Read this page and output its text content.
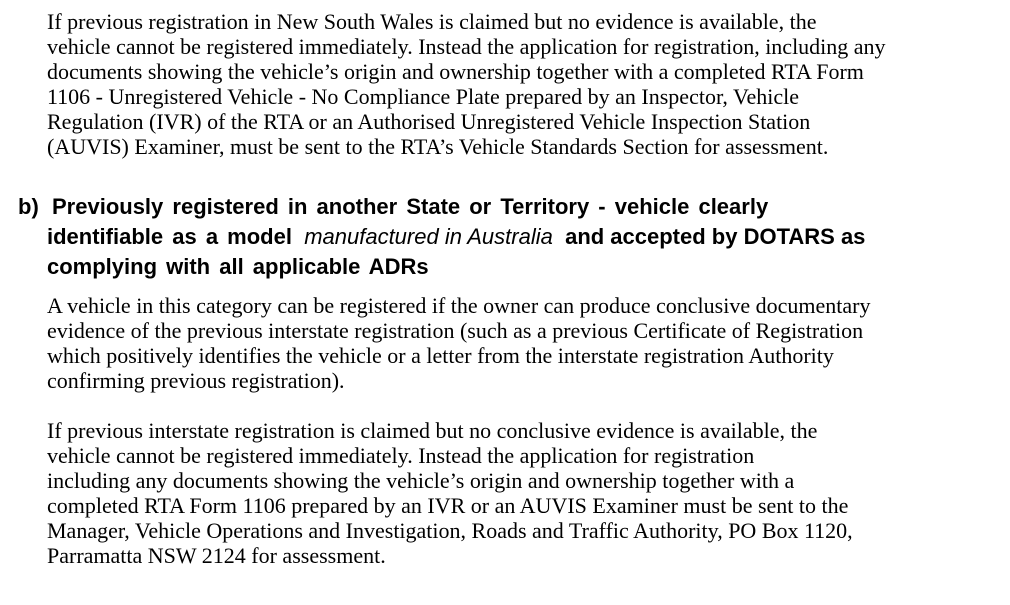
If previous registration in New South Wales is claimed but no evidence is available, the
vehicle cannot be registered immediately. Instead the application for registration, including any
documents showing the vehicle’s origin and ownership together with a completed RTA Form
1106 - Unregistered Vehicle - No Compliance Plate prepared by an Inspector, Vehicle
Regulation (IVR) of the RTA or an Authorised Unregistered Vehicle Inspection Station
(AUVIS) Examiner, must be sent to the RTA’s Vehicle Standards Section for assessment.

b) Previously registered in another State or Territory - vehicle clearly
identifiable as a model manufactured in Australia and accepted by DOTARS as
complying with all applicable ADRs

A vehicle in this category can be registered if the owner can produce conclusive documentary
evidence of the previous interstate registration (such as a previous Certificate of Registration
which positively identifies the vehicle or a letter from the interstate registration Authority
confirming previous registration).

If previous interstate registration is claimed but no conclusive evidence is available, the
vehicle cannot be registered immediately. Instead the application for registration
including any documents showing the vehicle’s origin and ownership together with a
completed RTA Form 1106 prepared by an IVR or an AUVIS Examiner must be sent to the
Manager, Vehicle Operations and Investigation, Roads and Traffic Authority, PO Box 1120,
Parramatta NSW 2124 for assessment.
